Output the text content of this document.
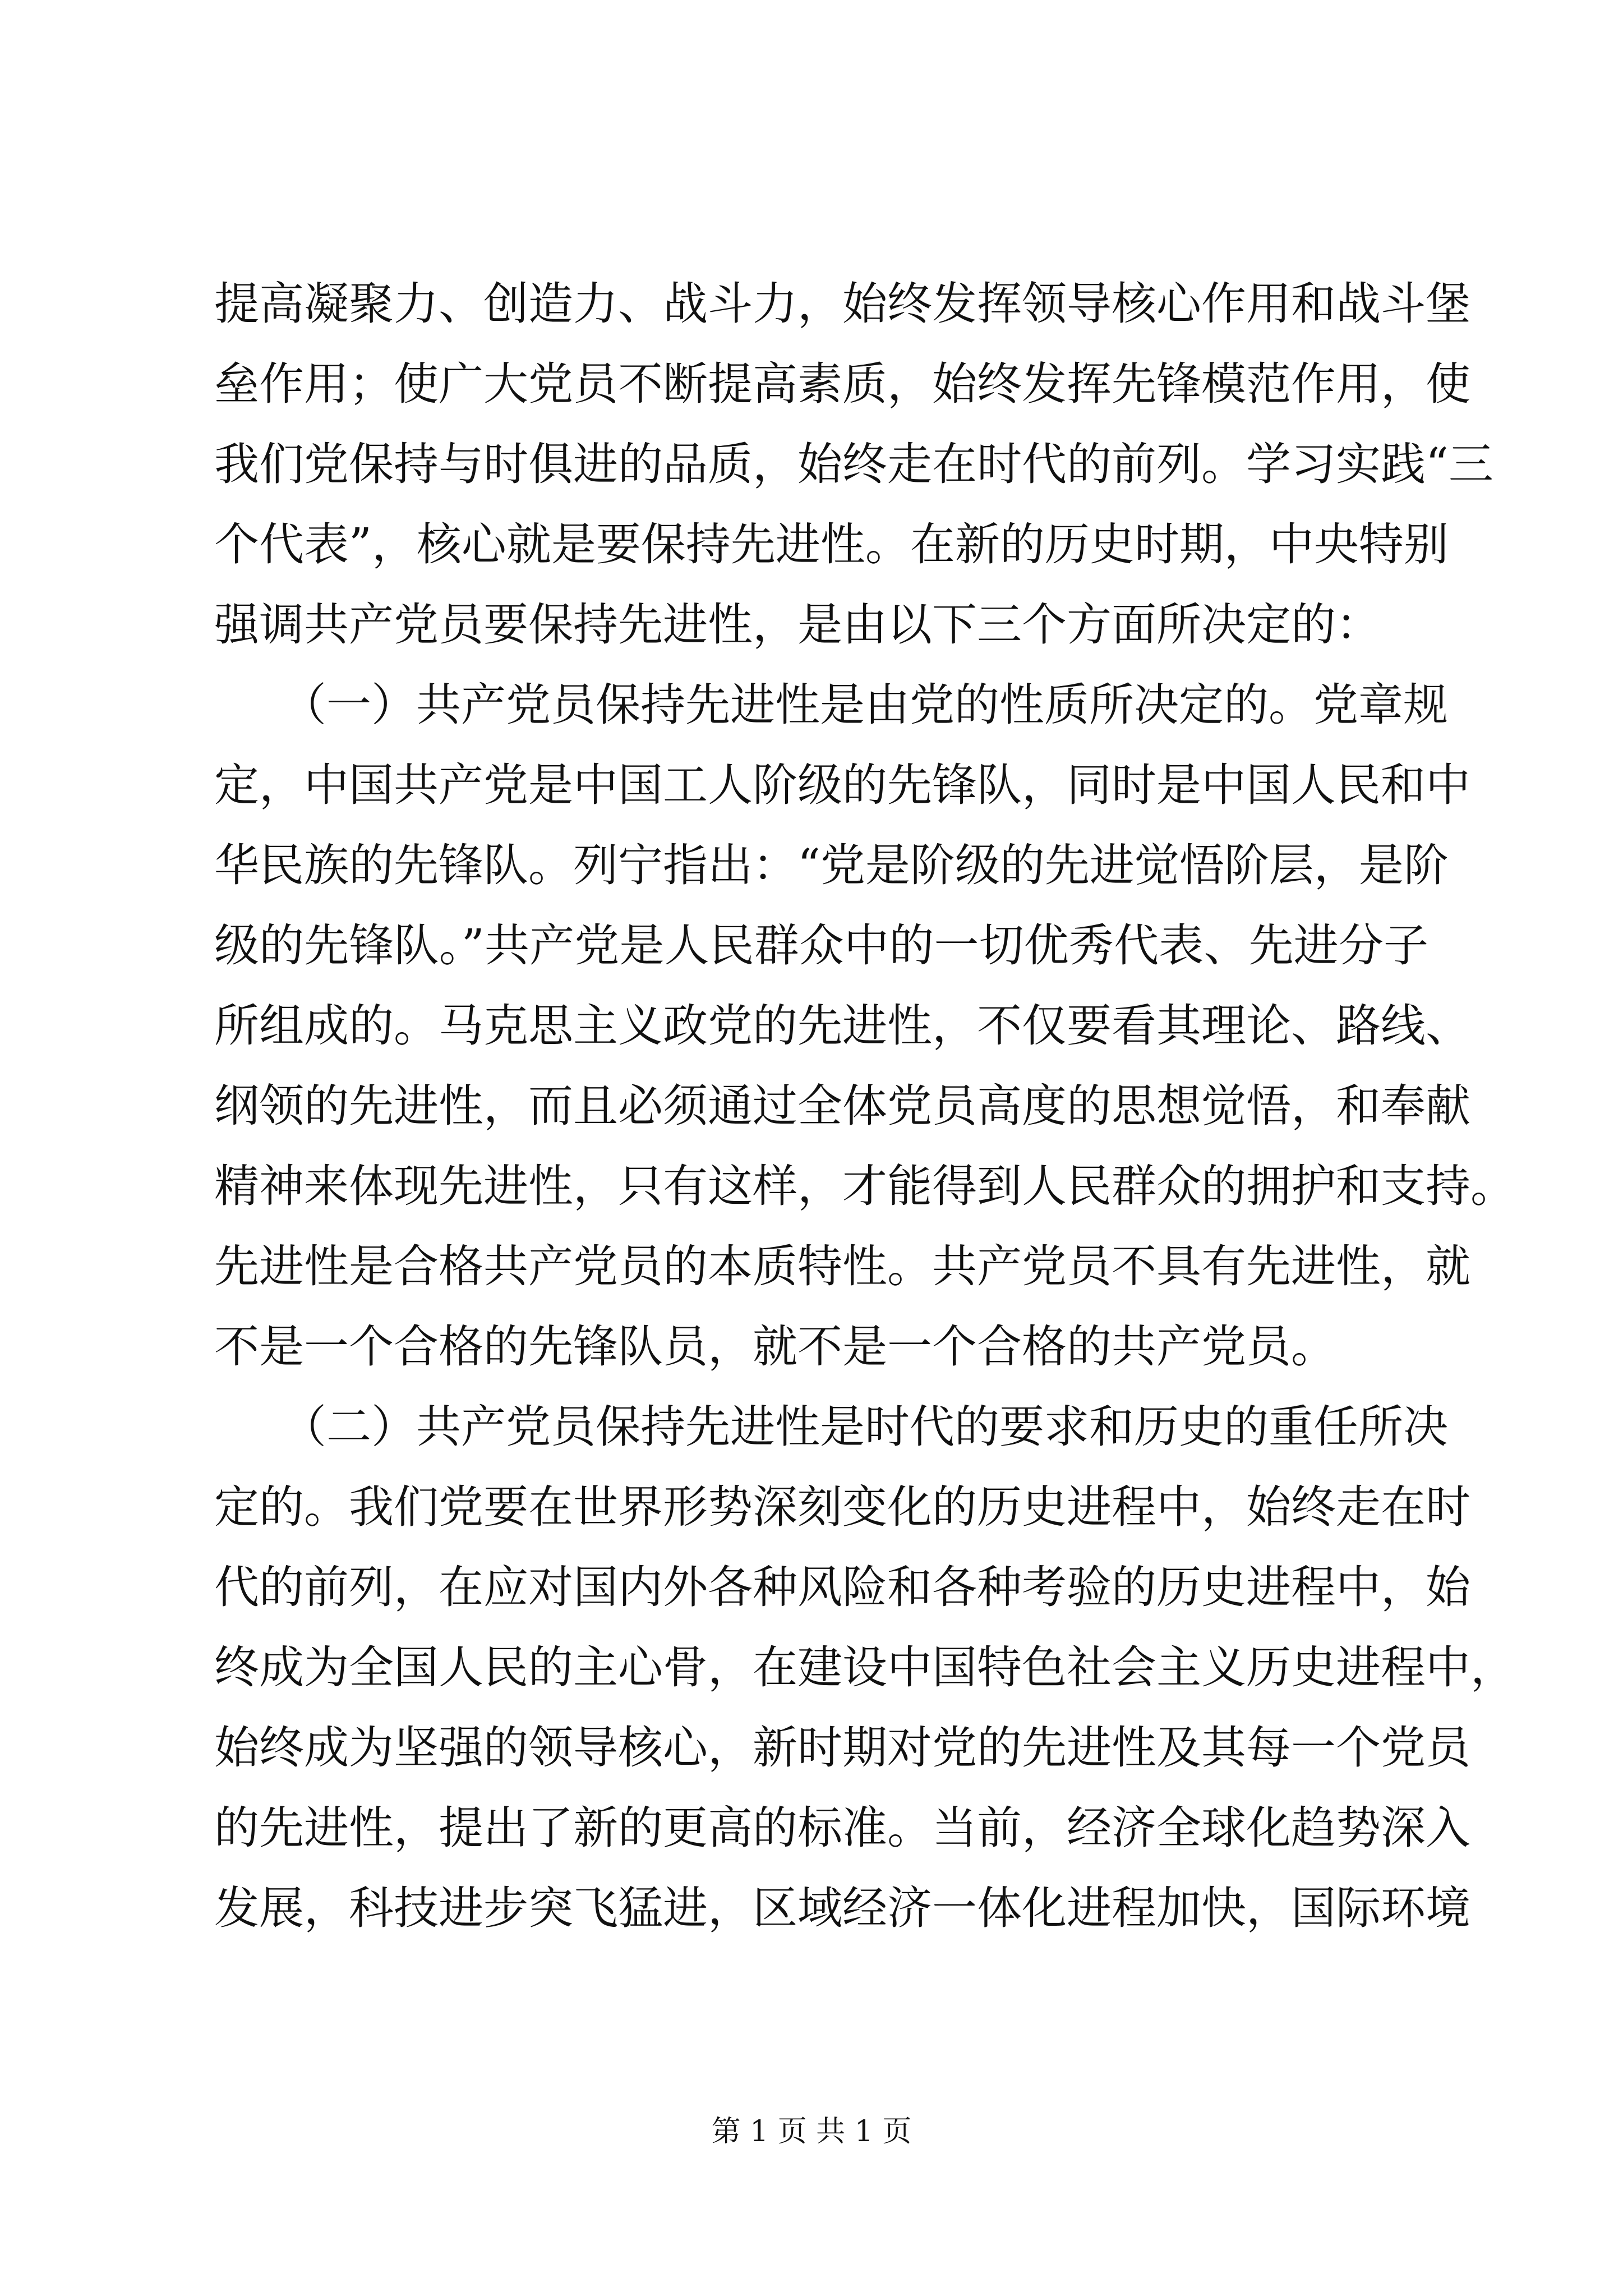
提高凝聚力、创造力、战斗力，始终发挥领导核心作用和战斗堡
垒作用；使广大党员不断提高素质，始终发挥先锋模范作用，使
我们党保持与时俱进的品质，始终走在时代的前列。学习实践“三
个代表”，核心就是要保持先进性。在新的历史时期，中央特别
强调共产党员要保持先进性，是由以下三个方面所决定的：
　　（一）共产党员保持先进性是由党的性质所决定的。党章规
定，中国共产党是中国工人阶级的先锋队，同时是中国人民和中
华民族的先锋队。列宁指出：“党是阶级的先进觉悟阶层，是阶
级的先锋队。”共产党是人民群众中的一切优秀代表、先进分子
所组成的。马克思主义政党的先进性，不仅要看其理论、路线、
纲领的先进性，而且必须通过全体党员高度的思想觉悟，和奉献
精神来体现先进性，只有这样，才能得到人民群众的拥护和支持。
先进性是合格共产党员的本质特性。共产党员不具有先进性，就
不是一个合格的先锋队员，就不是一个合格的共产党员。
　　（二）共产党员保持先进性是时代的要求和历史的重任所决
定的。我们党要在世界形势深刻变化的历史进程中，始终走在时
代的前列，在应对国内外各种风险和各种考验的历史进程中，始
终成为全国人民的主心骨，在建设中国特色社会主义历史进程中，
始终成为坚强的领导核心，新时期对党的先进性及其每一个党员
的先进性，提出了新的更高的标准。当前，经济全球化趋势深入
发展，科技进步突飞猛进，区域经济一体化进程加快，国际环境
第 1 页 共 1 页
